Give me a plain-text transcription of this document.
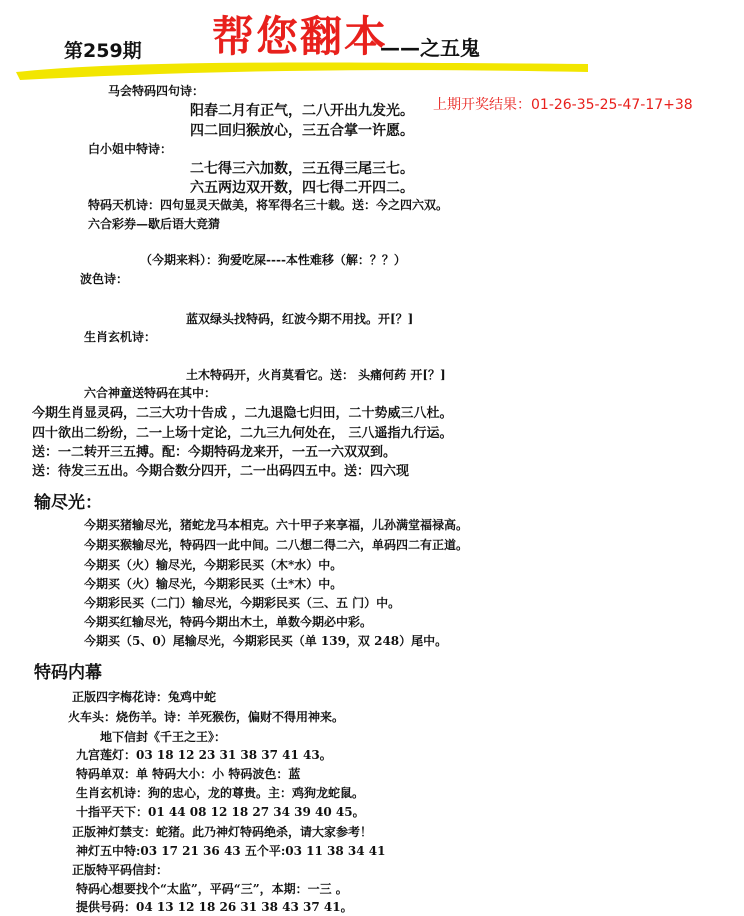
第259期 帮您翻本
——之五鬼
上期开奖结果：01-26-35-25-47-17+38
马会特码四句诗：
阳春二月有正气，二八开出九发光。
四二回归猴放心，三五合掌一许愿。
白小姐中特诗：
二七得三六加数，三五得三尾三七。
六五两边双开数，四七得二开四二。
特码天机诗：四句显灵天做美，将军得名三十载。送：今之四六双。
六合彩券—歇后语大竞猜
（今期来料）：狗爱吃屎----本性难移（解：？？）
波色诗：
蓝双绿头找特码，红波今期不用找。开[？]
生肖玄机诗：
土木特码开，火肖莫看它。送： 头痛何药 开[？]
六合神童送特码在其中：
今期生肖显灵码，二三大功十告成 ，二九退隐七归田，二十势威三八杜。
四十欲出二纷纷，二一上场十定论，二九三九何处在， 三八遥指九行运。
送：一二转开三五搏。配：今期特码龙来开，一五一六双双到。
送：待发三五出。今期合数分四开，二一出码四五中。送：四六现
输尽光：
今期买猪输尽光，猪蛇龙马本相克。六十甲子来享福，儿孙满堂福禄高。
今期买猴输尽光，特码四一此中间。二八想二得二六，单码四二有正道。
今期买（火）输尽光，今期彩民买（木*水）中。
今期买（火）输尽光，今期彩民买（土*木）中。
今期彩民买（二门）输尽光，今期彩民买（三、五 门）中。
今期买红输尽光，特码今期出木土，单数今期必中彩。
今期买（5、0）尾输尽光，今期彩民买（单 139，双 248）尾中。
特码内幕
正版四字梅花诗：兔鸡中蛇
火车头：烧伤羊。诗：羊死猴伤，偏财不得用神来。
地下信封《千王之王》：
九宫莲灯：03 18 12 23 31 38 37 41 43。
特码单双：单 特码大小：小 特码波色：蓝
生肖玄机诗：狗的忠心，龙的尊贵。主：鸡狗龙蛇鼠。
十指平天下：01 44 08 12 18 27 34 39 40 45。
正版神灯禁支：蛇猪。此乃神灯特码绝杀，请大家参考！
神灯五中特:03 17 21 36 43 五个平:03 11 38 34 41
正版特平码信封：
特码心想要找个“太监”，平码“三”，本期：一三 。
提供号码：04 13 12 18 26 31 38 43 37 41。
